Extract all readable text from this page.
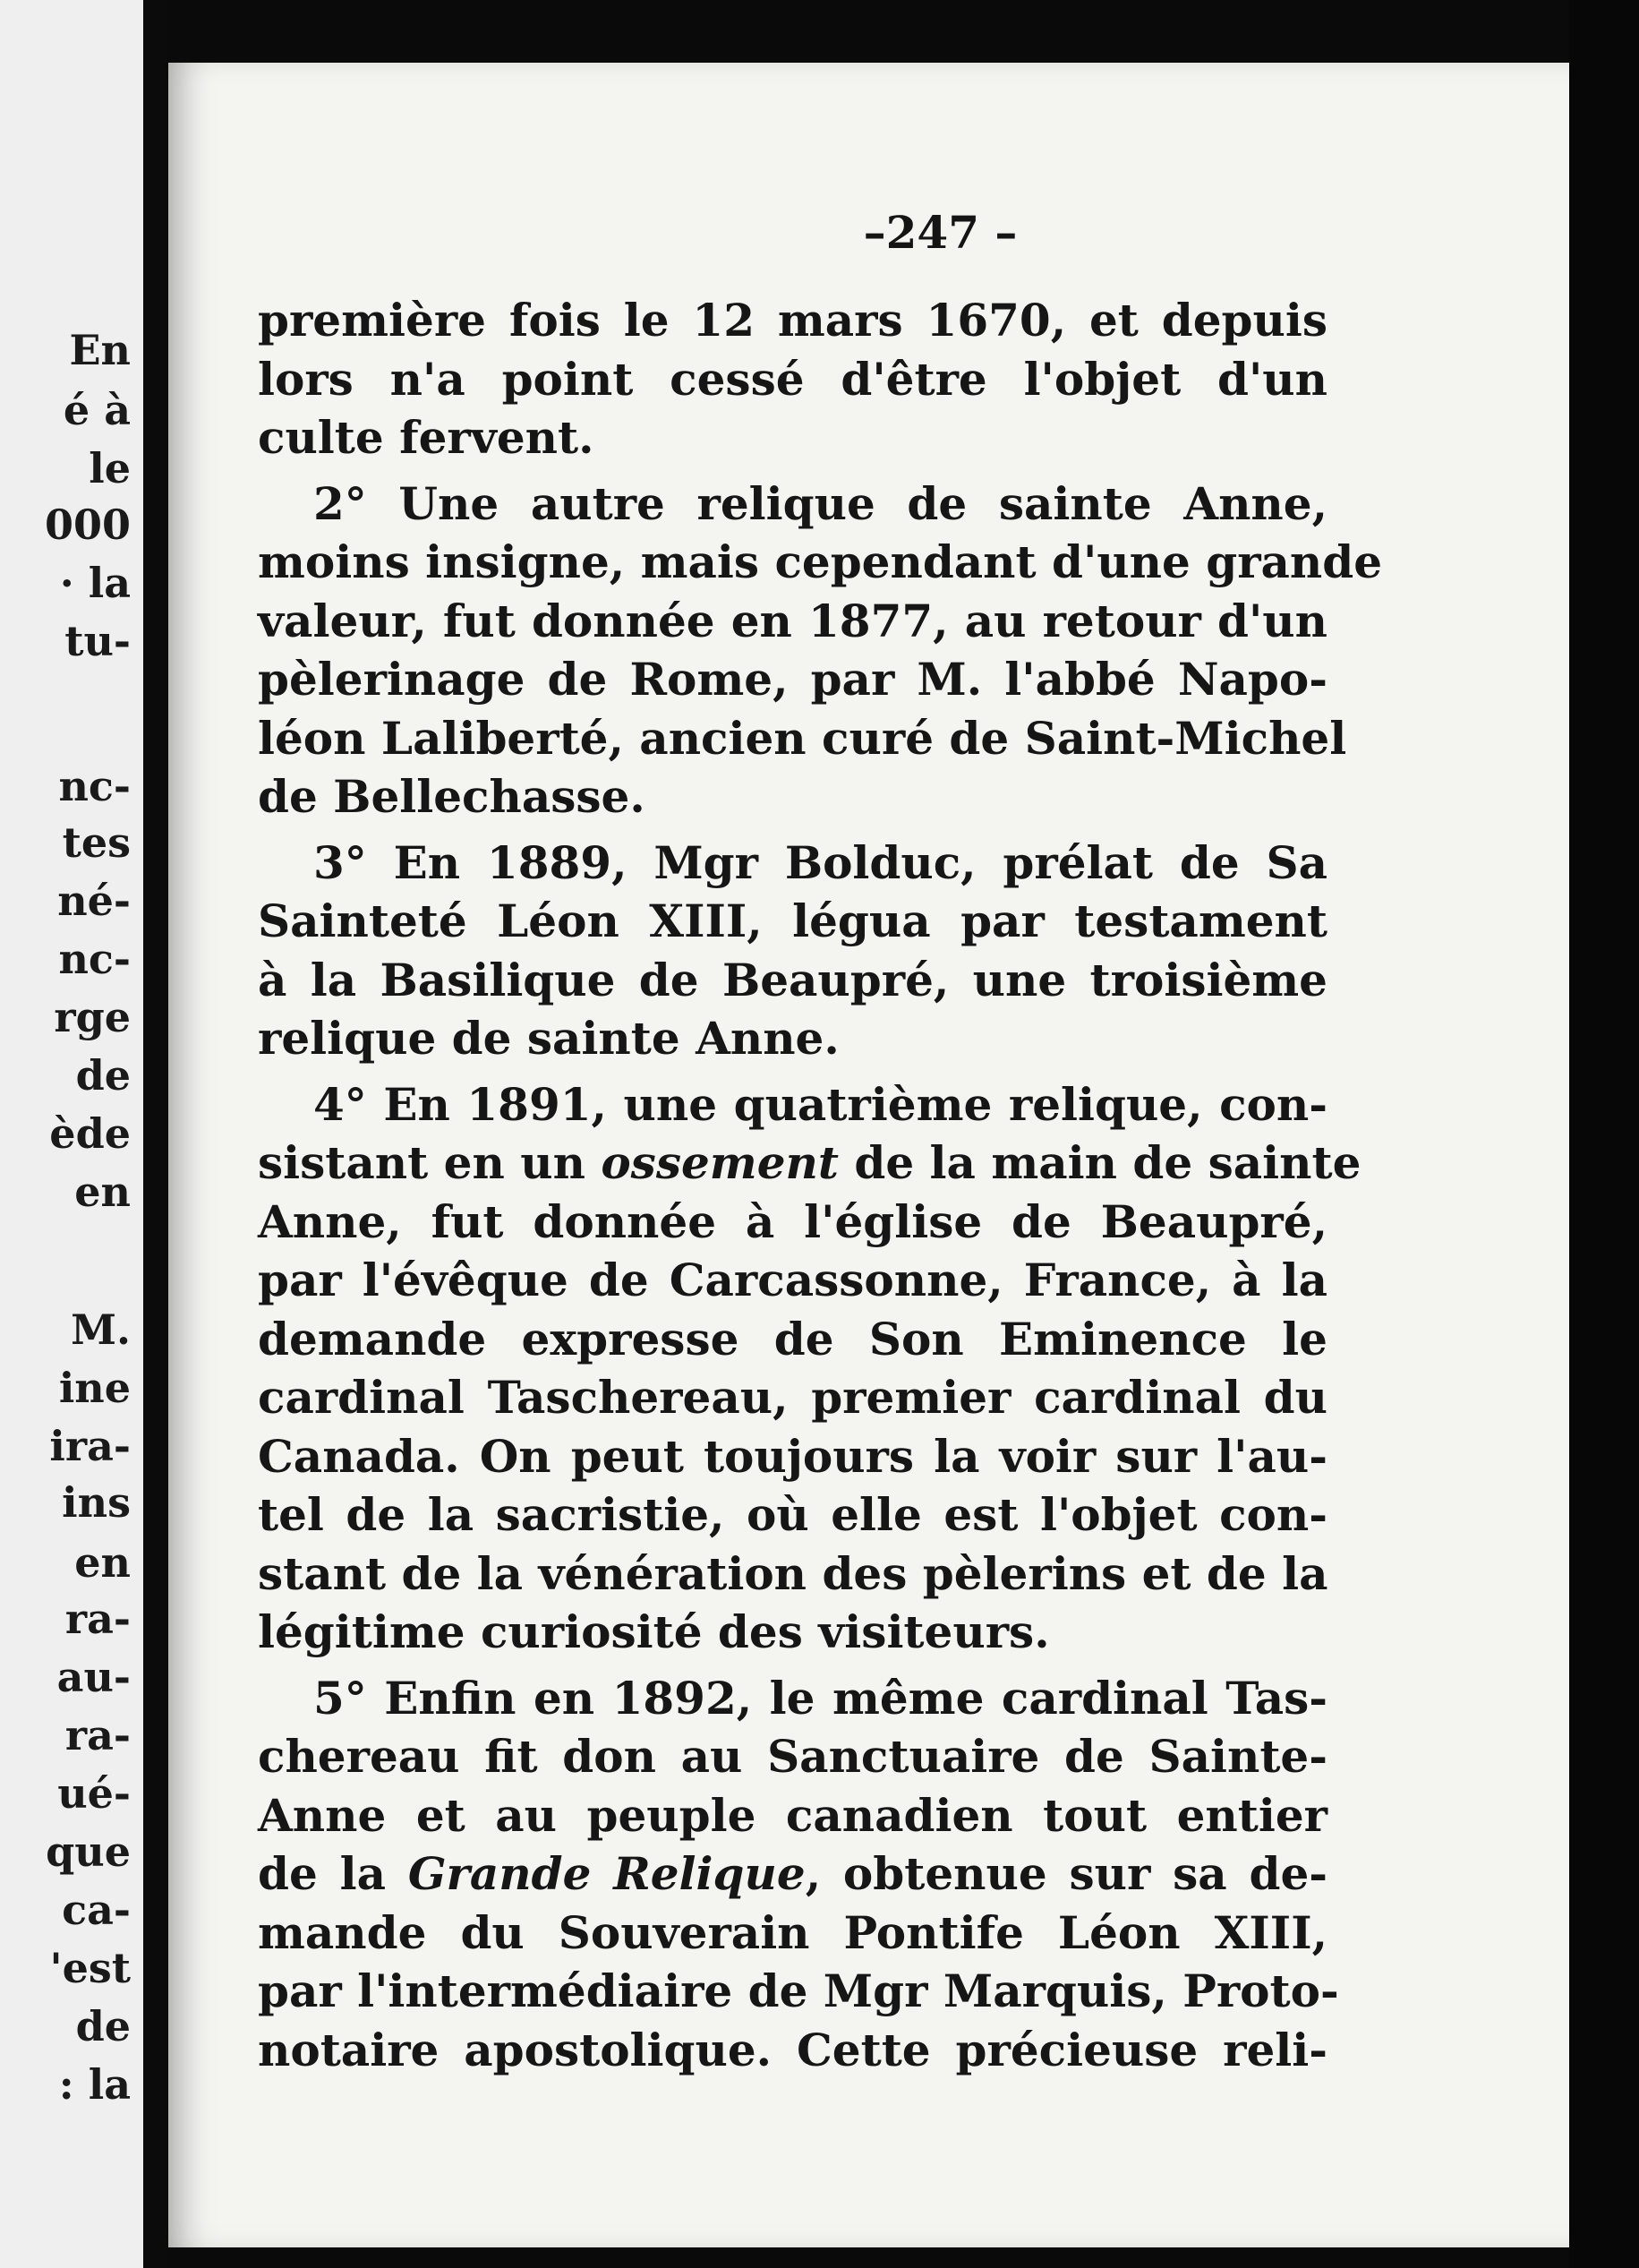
En
é à
le
000
· la
tu-
nc-
tes
né-
nc-
rge
de
ède
en
M.
ine
ira-
ins
en
ra-
au-
ra-
ué-
que
ca-
'est
de
: la
–247 –
première fois le 12 mars 1670, et depuis
lors n'a point cessé d'être l'objet d'un
culte fervent.
2° Une autre relique de sainte Anne,
moins insigne, mais cependant d'une grande
valeur, fut donnée en 1877, au retour d'un
pèlerinage de Rome, par M. l'abbé Napo-
léon Laliberté, ancien curé de Saint-Michel
de Bellechasse.
3° En 1889, Mgr Bolduc, prélat de Sa
Sainteté Léon XIII, légua par testament
à la Basilique de Beaupré, une troisième
relique de sainte Anne.
4° En 1891, une quatrième relique, con-
sistant en un ossement de la main de sainte
Anne, fut donnée à l'église de Beaupré,
par l'évêque de Carcassonne, France, à la
demande expresse de Son Eminence le
cardinal Taschereau, premier cardinal du
Canada. On peut toujours la voir sur l'au-
tel de la sacristie, où elle est l'objet con-
stant de la vénération des pèlerins et de la
légitime curiosité des visiteurs.
5° Enfin en 1892, le même cardinal Tas-
chereau fit don au Sanctuaire de Sainte-
Anne et au peuple canadien tout entier
de la Grande Relique, obtenue sur sa de-
mande du Souverain Pontife Léon XIII,
par l'intermédiaire de Mgr Marquis, Proto-
notaire apostolique. Cette précieuse reli-
